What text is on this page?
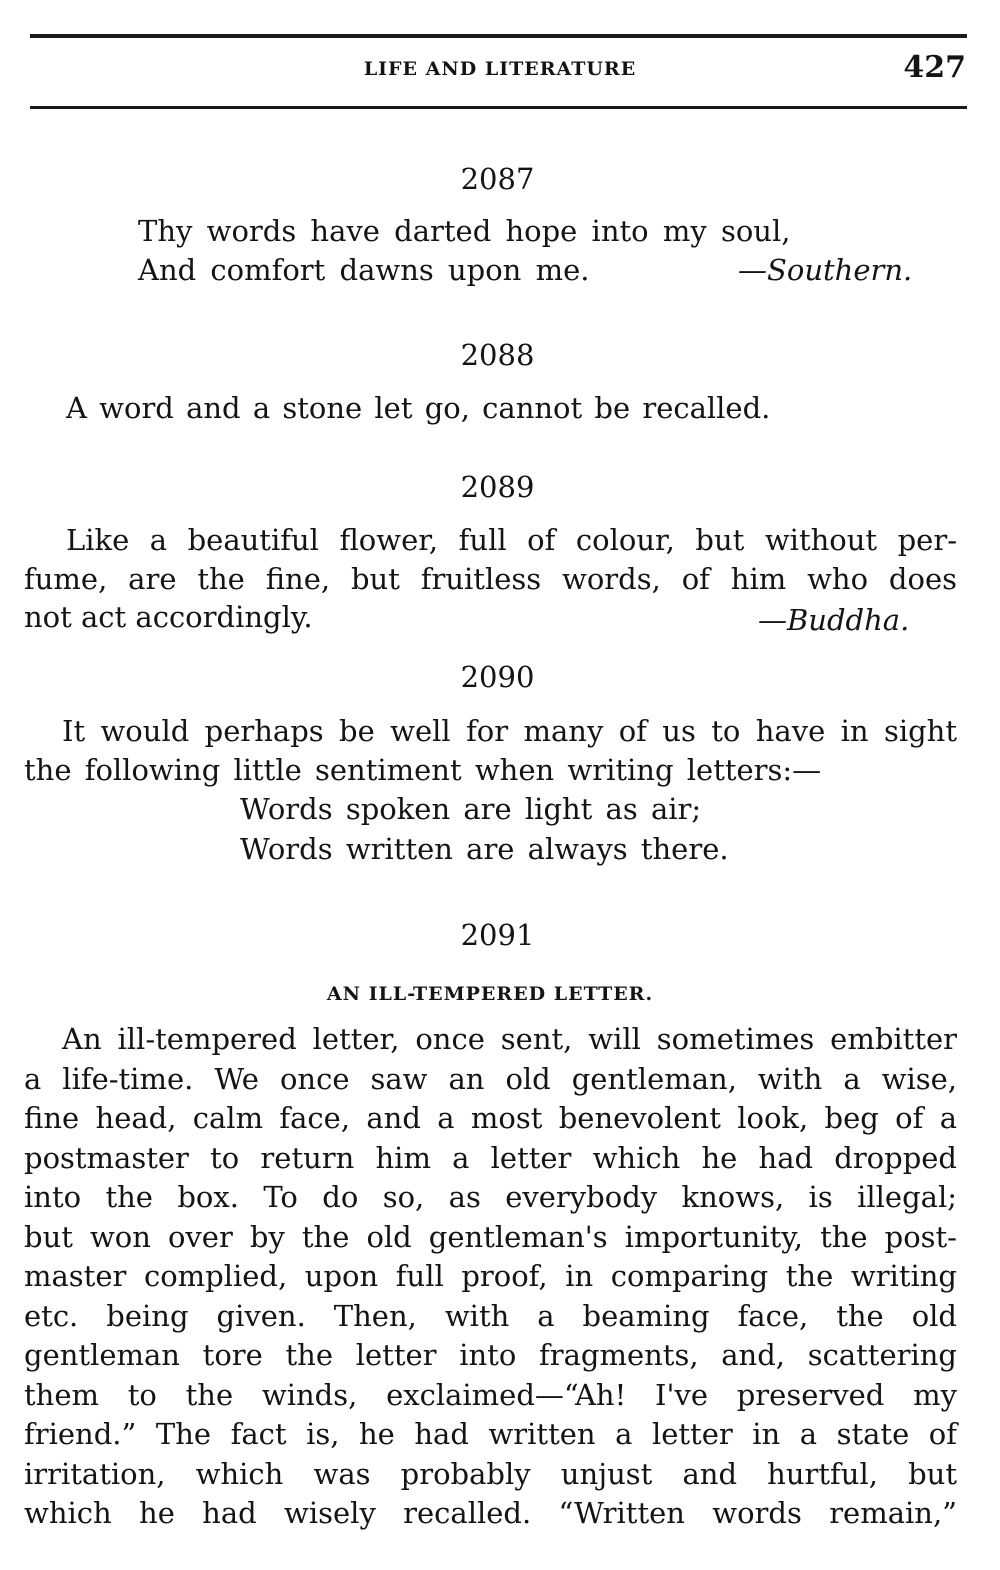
LIFE AND LITERATURE	427
2087
Thy words have darted hope into my soul,
And comfort dawns upon me.	—Southern.
2088
A word and a stone let go, cannot be recalled.
2089
Like a beautiful flower, full of colour, but without per-
fume, are the fine, but fruitless words, of him who does
not act accordingly.	—Buddha.
2090
It would perhaps be well for many of us to have in sight
the following little sentiment when writing letters:—
Words spoken are light as air;
Words written are always there.
2091
AN ILL-TEMPERED LETTER.
An ill-tempered letter, once sent, will sometimes embitter
a life-time. We once saw an old gentleman, with a wise,
fine head, calm face, and a most benevolent look, beg of a
postmaster to return him a letter which he had dropped
into the box. To do so, as everybody knows, is illegal;
but won over by the old gentleman's importunity, the post-
master complied, upon full proof, in comparing the writing
etc. being given. Then, with a beaming face, the old
gentleman tore the letter into fragments, and, scattering
them to the winds, exclaimed—“Ah! I've preserved my
friend.” The fact is, he had written a letter in a state of
irritation, which was probably unjust and hurtful, but
which he had wisely recalled. “Written words remain,”
